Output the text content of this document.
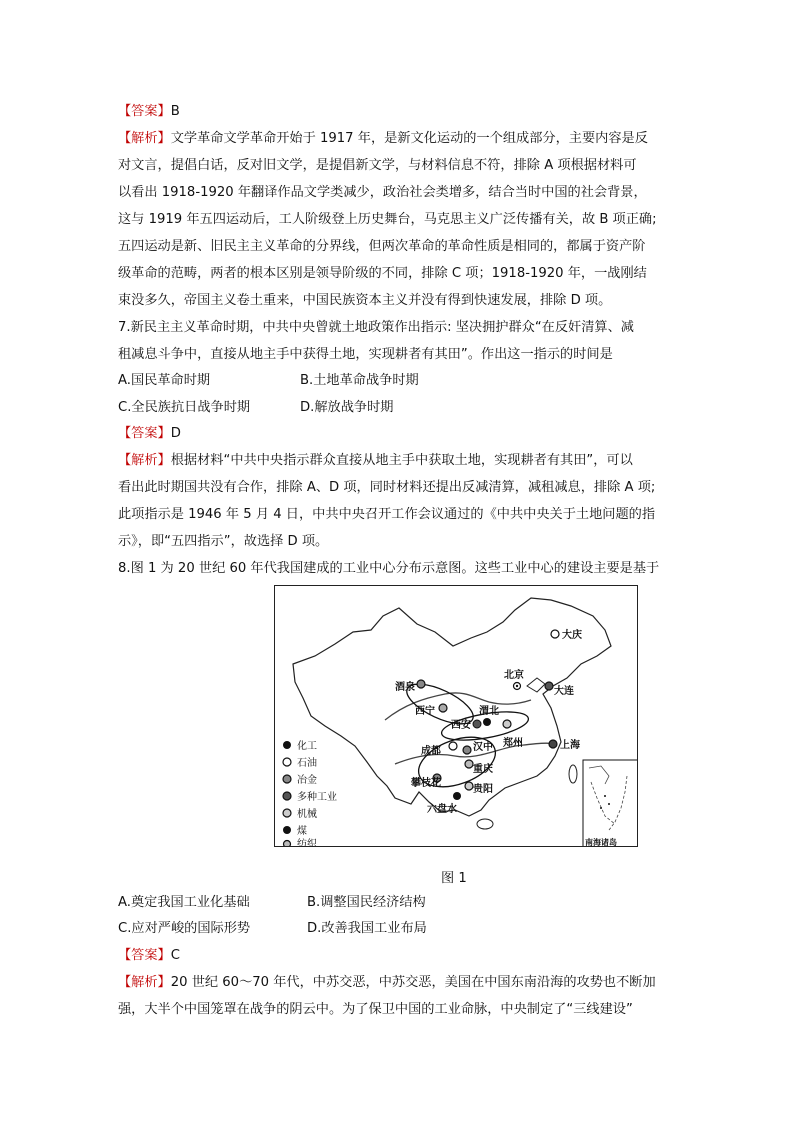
【答案】B
【解析】文学革命文学革命开始于 1917 年，是新文化运动的一个组成部分，主要内容是反
对文言，提倡白话，反对旧文学，是提倡新文学，与材料信息不符，排除 A 项根据材料可
以看出 1918-1920 年翻译作品文学类减少，政治社会类增多，结合当时中国的社会背景，
这与 1919 年五四运动后，工人阶级登上历史舞台，马克思主义广泛传播有关，故 B 项正确;
五四运动是新、旧民主主义革命的分界线，但两次革命的革命性质是相同的，都属于资产阶
级革命的范畴，两者的根本区别是领导阶级的不同，排除 C 项；1918-1920 年，一战刚结
束没多久，帝国主义卷土重来，中国民族资本主义并没有得到快速发展，排除 D 项。
7.新民主主义革命时期，中共中央曾就土地政策作出指示: 坚决拥护群众“在反奸清算、减
租减息斗争中，直接从地主手中获得土地，实现耕者有其田”。作出这一指示的时间是
A.国民革命时期	B.土地革命战争时期
C.全民族抗日战争时期	D.解放战争时期
【答案】D
【解析】根据材料“中共中央指示群众直接从地主手中获取土地，实现耕者有其田”，可以
看出此时期国共没有合作，排除 A、D 项，同时材料还提出反减清算，减租减息，排除 A 项;
此项指示是 1946 年 5 月 4 日，中共中央召开工作会议通过的《中共中央关于土地问题的指
示》，即“五四指示”，故选择 D 项。
8.图 1 为 20 世纪 60 年代我国建成的工业中心分布示意图。这些工业中心的建设主要是基于
大庆
北京
大连
酒泉
西宁	渭北
西安
郑州
成都	汉中	上海
重庆
攀枝花
贵阳
六盘水
化工
石油
冶金
多种工业
机械
煤
纺织	南海诸岛
图 1
A.奠定我国工业化基础	B.调整国民经济结构
C.应对严峻的国际形势	D.改善我国工业布局
【答案】C
【解析】20 世纪 60～70 年代，中苏交恶，中苏交恶，美国在中国东南沿海的攻势也不断加
强，大半个中国笼罩在战争的阴云中。为了保卫中国的工业命脉，中央制定了“三线建设”
